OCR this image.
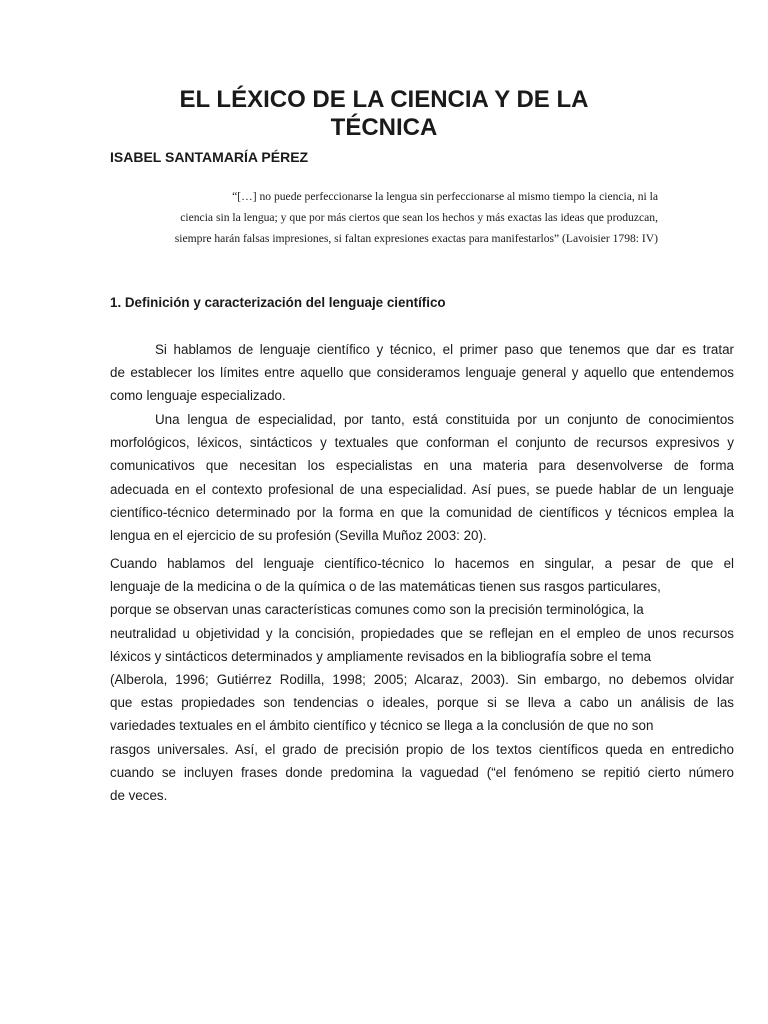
EL LÉXICO DE LA CIENCIA Y DE LA
TÉCNICA

ISABEL SANTAMARÍA PÉREZ

“[…] no puede perfeccionarse la lengua sin perfeccionarse al mismo tiempo la ciencia, ni la
ciencia sin la lengua; y que por más ciertos que sean los hechos y más exactas las ideas que produzcan,
siempre harán falsas impresiones, si faltan expresiones exactas para manifestarlos” (Lavoisier 1798: IV)
1. Definición y caracterización del lenguaje científico

Si hablamos de lenguaje científico y técnico, el primer paso que tenemos que dar es tratar
de establecer los límites entre aquello que consideramos lenguaje general y aquello que entendemos
como lenguaje especializado.

Una lengua de especialidad, por tanto, está constituida por un conjunto de conocimientos
morfológicos, léxicos, sintácticos y textuales que conforman el conjunto de recursos expresivos y
comunicativos que necesitan los especialistas en una materia para desenvolverse de forma
adecuada en el contexto profesional de una especialidad. Así pues, se puede hablar de un lenguaje
científico-técnico determinado por la forma en que la comunidad de científicos y técnicos emplea la
lengua en el ejercicio de su profesión (Sevilla Muñoz 2003: 20).

Cuando hablamos del lenguaje científico-técnico lo hacemos en singular, a pesar de que el
lenguaje de la medicina o de la química o de las matemáticas tienen sus rasgos particulares,
porque se observan unas características comunes como son la precisión terminológica, la
neutralidad u objetividad y la concisión, propiedades que se reflejan en el empleo de unos recursos
léxicos y sintácticos determinados y ampliamente revisados en la bibliografía sobre el tema
(Alberola, 1996; Gutiérrez Rodilla, 1998; 2005; Alcaraz, 2003). Sin embargo, no debemos olvidar
que estas propiedades son tendencias o ideales, porque si se lleva a cabo un análisis de las
variedades textuales en el ámbito científico y técnico se llega a la conclusión de que no son
rasgos universales. Así, el grado de precisión propio de los textos científicos queda en entredicho
cuando se incluyen frases donde predomina la vaguedad (“el fenómeno se repitió cierto número
de veces.
